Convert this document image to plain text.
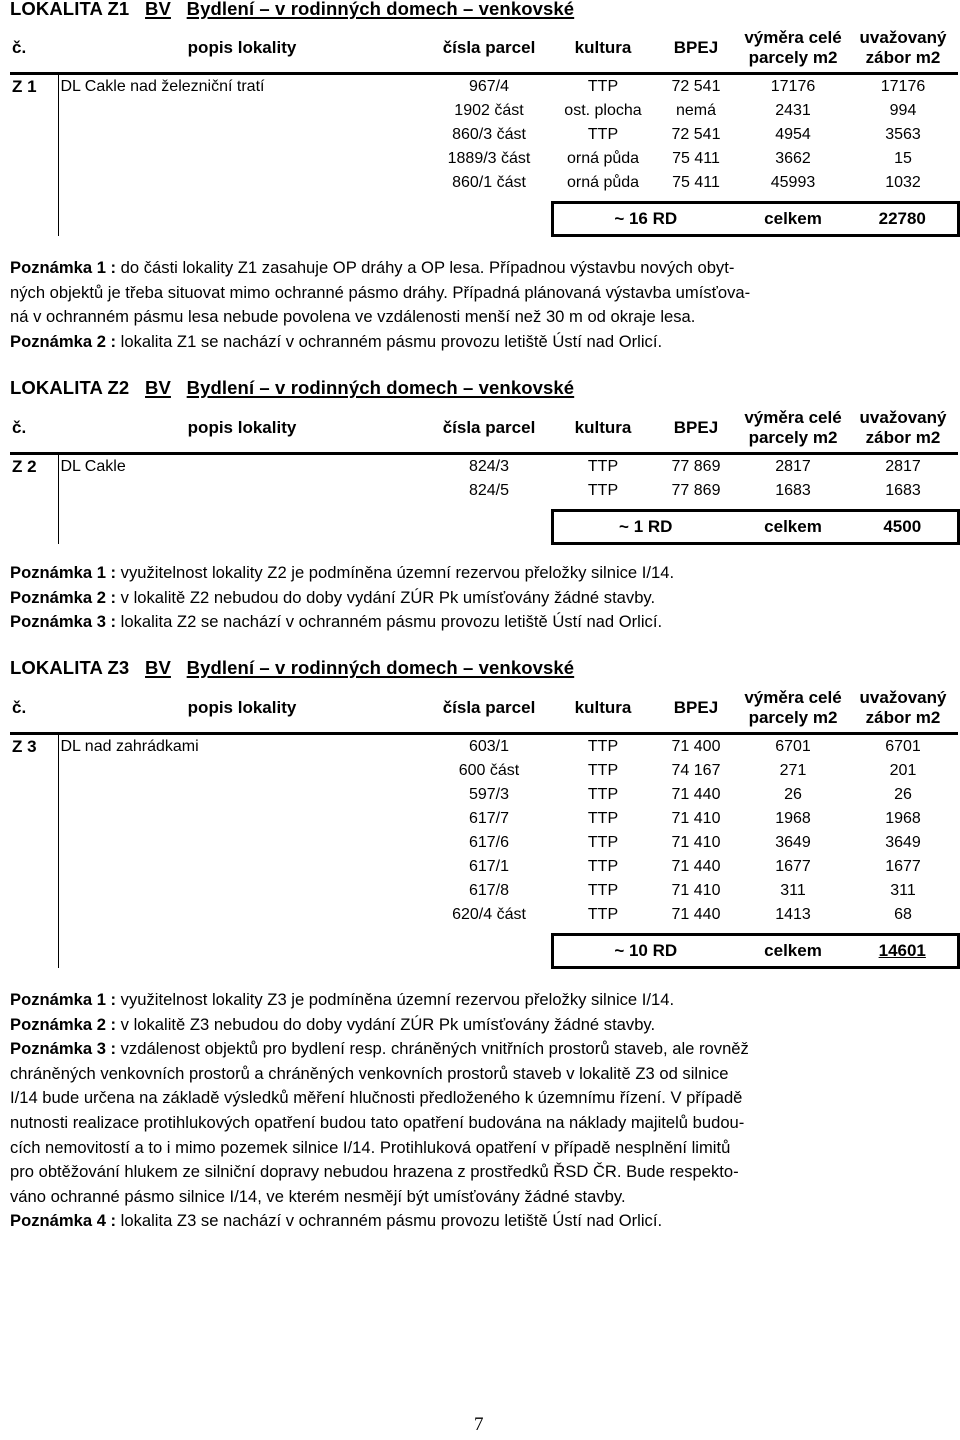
LOKALITA Z1 BV Bydlení – v rodinných domech – venkovské
č.	popis lokality	čísla parcel	kultura	BPEJ	výměra celé
parcely m2	uvažovaný
zábor m2
Z 1	DL Cakle nad železniční tratí	967/4	TTP	72 541	17176	17176
		1902 část	ost. plocha	nemá	2431	994
		860/3 část	TTP	72 541	4954	3563
		1889/3 část	orná půda	75 411	3662	15
		860/1 část	orná půda	75 411	45993	1032

			~ 16 RD		celkem	22780

Poznámka 1 : do části lokality Z1 zasahuje OP dráhy a OP lesa. Případnou výstavbu nových obyt-

ných objektů je třeba situovat mimo ochranné pásmo dráhy. Případná plánovaná výstavba umísťova-

ná v ochranném pásmu lesa nebude povolena ve vzdálenosti menší než 30 m od okraje lesa.

Poznámka 2 : lokalita Z1 se nachází v ochranném pásmu provozu letiště Ústí nad Orlicí.

LOKALITA Z2 BV Bydlení – v rodinných domech – venkovské
č.	popis lokality	čísla parcel	kultura	BPEJ	výměra celé
parcely m2	uvažovaný
zábor m2
Z 2	DL Cakle	824/3	TTP	77 869	2817	2817
		824/5	TTP	77 869	1683	1683

			~ 1 RD		celkem	4500

Poznámka 1 : využitelnost lokality Z2 je podmíněna územní rezervou přeložky silnice I/14.

Poznámka 2 : v lokalitě Z2 nebudou do doby vydání ZÚR Pk umísťovány žádné stavby.

Poznámka 3 : lokalita Z2 se nachází v ochranném pásmu provozu letiště Ústí nad Orlicí.

LOKALITA Z3 BV Bydlení – v rodinných domech – venkovské
č.	popis lokality	čísla parcel	kultura	BPEJ	výměra celé
parcely m2	uvažovaný
zábor m2
Z 3	DL nad zahrádkami	603/1	TTP	71 400	6701	6701
		600 část	TTP	74 167	271	201
		597/3	TTP	71 440	26	26
		617/7	TTP	71 410	1968	1968
		617/6	TTP	71 410	3649	3649
		617/1	TTP	71 440	1677	1677
		617/8	TTP	71 410	311	311
		620/4 část	TTP	71 440	1413	68

			~ 10 RD		celkem	14601

Poznámka 1 : využitelnost lokality Z3 je podmíněna územní rezervou přeložky silnice I/14.

Poznámka 2 : v lokalitě Z3 nebudou do doby vydání ZÚR Pk umísťovány žádné stavby.

Poznámka 3 : vzdálenost objektů pro bydlení resp. chráněných vnitřních prostorů staveb, ale rovněž

chráněných venkovních prostorů a chráněných venkovních prostorů staveb v lokalitě Z3 od silnice

I/14 bude určena na základě výsledků měření hlučnosti předloženého k územnímu řízení. V případě

nutnosti realizace protihlukových opatření budou tato opatření budována na náklady majitelů budou-

cích nemovitostí a to i mimo pozemek silnice I/14. Protihluková opatření v případě nesplnění limitů

pro obtěžování hlukem ze silniční dopravy nebudou hrazena z prostředků ŘSD ČR. Bude respekto-

váno ochranné pásmo silnice I/14, ve kterém nesmějí být umísťovány žádné stavby.

Poznámka 4 : lokalita Z3 se nachází v ochranném pásmu provozu letiště Ústí nad Orlicí.

7
